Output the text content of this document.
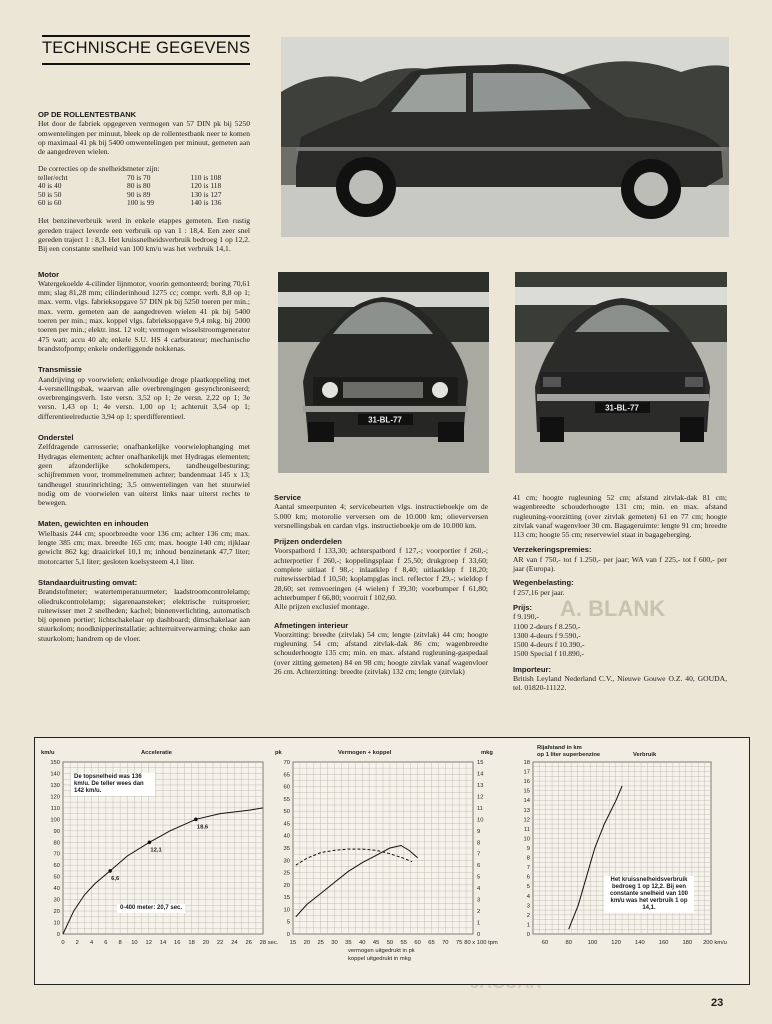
TECHNISCHE GEGEVENS
A. BLANK
OP DE ROLLENTESTBANK

Het door de fabriek opgegeven vermogen van 57 DIN pk bij 5250 omwentelingen per minuut, bleek op de rollentestbank neer te komen op maximaal 41 pk bij 5400 omwentelingen per minuut, gemeten aan de aangedreven wielen.

De correcties op de snelheidsmeter zijn:

teller/echt	70 is 70	110 is 108
40 is 40	80 is 80	120 is 118
50 is 50	90 is 89	130 is 127
60 is 60	100 is 99	140 is 136

Het benzineverbruik werd in enkele etappes gemeten. Een rustig gereden traject leverde een verbruik op van 1 : 18,4. Een zeer snel gereden traject 1 : 8,3. Het kruissnelheidsverbruik bedroeg 1 op 12,2. Bij een constante snelheid van 100 km/u was het verbruik 14,1.

Motor

Watergekoelde 4-cilinder lijnmotor, voorin gemonteerd; boring 70,61 mm; slag 81,28 mm; cilinderinhoud 1275 cc; compr. verh. 8,8 op 1; max. verm. vlgs. fabrieksopgave 57 DIN pk bij 5250 toeren per min.; max. verm. gemeten aan de aangedreven wielen 41 pk bij 5400 toeren per min.; max. koppel vlgs. fabrieksopgave 9,4 mkg. bij 2000 toeren per min.; elektr. inst. 12 volt; vermogen wisselstroomgenerator 475 watt; accu 40 ah; enkele S.U. HS 4 carburateur; mechanische brandstofpomp; enkele onderliggende nokkenas.

Transmissie

Aandrijving op voorwielen; enkelvoudige droge plaatkoppeling met 4-versnellingsbak, waarvan alle overbrengingen gesynchroniseerd; overbrengingsverh. 1ste versn. 3,52 op 1; 2e versn. 2,22 op 1; 3e versn. 1,43 op 1; 4e versn. 1,00 op 1; achteruit 3,54 op 1; differentieelreductie 3,94 op 1; sperdifferentieel.

Onderstel

Zelfdragende carrosserie; onafhankelijke voorwielophanging met Hydragas elementen; achter onafhankelijk met Hydragas elementen; geen afzonderlijke schokdempers, tandheugelbesturing; schijfremmen voor, trommelremmen achter; bandenmaat 145 x 13; tandheugel stuurinrichting; 3,5 omwentelingen van het stuurwiel nodig om de voorwielen van uiterst links naar uiterst rechts te bewegen.

Maten, gewichten en inhouden

Wielbasis 244 cm; spoorbreedte voor 136 cm; achter 136 cm; max. lengte 385 cm; max. breedte 165 cm; max. hoogte 140 cm; rijklaar gewicht 862 kg; draaicirkel 10,1 m; inhoud benzinetank 47,7 liter; motorcarter 5,1 liter; gesloten koelsysteem 4,1 liter.

Standaarduitrusting omvat:

Brandstofmeter; watertemperatuurmeter; laadstroomcontrolelamp; oliedrukcontrolelamp; sigarenaansteker; elektrische ruitsproeier; ruitewisser met 2 snelheden; kachel; binnenverlichting, automatisch bij openen portier; lichtschakelaar op dashboard; dimschakelaar aan stuurkolom; noodknipperinstallatie; achterruitverwarming; choke aan stuurkolom; handrem op de vloer.

31-BL-77
31-BL-77
Service

Aantal smeerpunten 4; servicebeurten vlgs. instructieboekje om de 5.000 km; motorolie verversen om de 10.000 km; olieverversen versnellingsbak en cardan vlgs. instructieboekje om de 10.000 km.

Prijzen onderdelen

Voorspatbord f 133,30; achterspatbord f 127,-; voorportier f 260,-; achterportier f 260,-; koppelingsplaat f 25,50; drukgroep f 33,60; complete uitlaat f 98,-; inlaatklep f 8,40; uitlaatklep f 18,20; ruitewisserblad f 10,50; koplampglas incl. reflector f 29,-; wieldop f 28,60; set remvoeringen (4 wielen) f 39,30; voorbumper f 61,80; achterbumper f 66,80; voorruit f 102,60.

Alle prijzen exclusief montage.

Afmetingen interieur

Voorzitting: breedte (zitvlak) 54 cm; lengte (zitvlak) 44 cm; hoogte rugleuning 54 cm; afstand zitvlak-dak 86 cm; wagenbreedte schouderhoogte 135 cm; min. en max. afstand rugleuning-gaspedaal (over zitting gemeten) 84 en 98 cm; hoogte zitvlak vanaf wagenvloer 26 cm. Achterzitting: breedte (zitvlak) 132 cm; lengte (zitvlak)

41 cm; hoogte rugleuning 52 cm; afstand zitvlak-dak 81 cm; wagenbreedte schouderhoogte 131 cm; min. en max. afstand rugleuning-voorzitting (over zitvlak gemeten) 61 en 77 cm; hoogte zitvlak vanaf wagenvloer 30 cm. Bagageruimte: lengte 91 cm; breedte 113 cm; hoogte 55 cm; reservewiel staat in bagageberging.

Verzekeringspremies:

AR van f 750,- tot f 1.250,- per jaar; WA van f 225,- tot f 600,- per jaar (Europa).

Wegenbelasting:

f 257,16 per jaar.

Prijs:

f 9.190,-

1100 2-deurs f 8.250,-

1300 4-deurs f 9.590,-

1500 4-deurs f 10.390,-

1500 Special f 10.890,-

Importeur:

British Leyland Nederland C.V., Nieuwe Gouwe O.Z. 40, GOUDA, tel. 01820-11122.

Acceleratie
km/u
150
140
130
120
110
100
90
80
70
60
50
40
30
20
10
0
0 2 4 6 8 10 12 14 16 18 20 22 24 26 28 sec.
6,6
12,1
18,6
De topsnelheid was 136 km/u. De teller wees dan 142 km/u.
0-400 meter: 20,7 sec.
Vermogen + koppel
pk	mkg
70
65
60
55
50
45
40
35
30
25
20
15
10
5
0
15
14
13
12
11
10
9
8
7
6
5
4
3
2
1
0
15 20 25 30 35 40 45 50 55 60 65 70 75 80 x 100 tpm
vermogen uitgedrukt in pk
koppel uitgedrukt in mkg
Rijafstand in km
op 1 liter superbenzine	Verbruik
18
17
16
15
14
13
12
11
10
9
8
7
6
5
4
3
2
1
0
60	80	100 120 140 160 180 200 km/u
Het kruissnelheidsverbruik bedroeg 1 op 12,2. Bij een constante snelheid van 100 km/u was het verbruik 1 op 14,1.
23
